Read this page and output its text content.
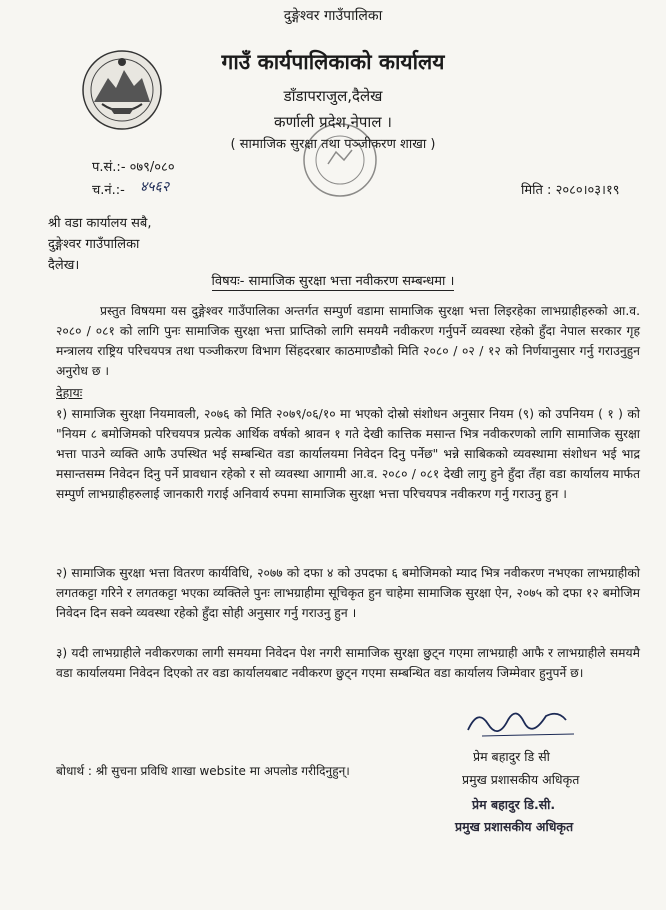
दुङ्गेश्वर गाउँपालिका
गाउँ कार्यपालिकाको कार्यालय
डाँडापराजुल,दैलेख
कर्णाली प्रदेश,नेपाल ।
( सामाजिक सुरक्षा तथा पञ्जीकरण शाखा )
प.सं.:- ०७९/०८०
च.नं.:- ४५६२	मिति : २०८०।०३।१९
श्री वडा कार्यालय सबै,
दुङ्गेश्वर गाउँपालिका
दैलेख।
विषयः- सामाजिक सुरक्षा भत्ता नवीकरण सम्बन्धमा ।
प्रस्तुत विषयमा यस दुङ्गेश्वर गाउँपालिका अन्तर्गत सम्पुर्ण वडामा सामाजिक सुरक्षा भत्ता लिइरहेका लाभग्राहीहरुको आ.व. २०८० / ०८१ को लागि पुनः सामाजिक सुरक्षा भत्ता प्राप्तिको लागि समयमै नवीकरण गर्नुपर्ने व्यवस्था रहेको हुँदा नेपाल सरकार गृह मन्त्रालय राष्ट्रिय परिचयपत्र तथा पञ्जीकरण विभाग सिंहदरबार काठमाण्डौको मिति २०८० / ०२ / १२ को निर्णयानुसार गर्नु गराउनुहुन अनुरोध छ ।
देहायः
१) सामाजिक सुरक्षा नियमावली, २०७६ को मिति २०७९/०६/१० मा भएको दोस्रो संशोधन अनुसार नियम (९) को उपनियम ( १ ) को "नियम ८ बमोजिमको परिचयपत्र प्रत्येक आर्थिक वर्षको श्रावन १ गते देखी कात्तिक मसान्त भित्र नवीकरणको लागि सामाजिक सुरक्षा भत्ता पाउने व्यक्ति आफै उपस्थित भई सम्बन्धित वडा कार्यालयमा निवेदन दिनु पर्नेछ" भन्ने साबिकको व्यवस्थामा संशोधन भई भाद्र मसान्तसम्म निवेदन दिनु पर्ने प्रावधान रहेको र सो व्यवस्था आगामी आ.व. २०८० / ०८१ देखी लागु हुने हुँदा तँहा वडा कार्यालय मार्फत सम्पुर्ण लाभग्राहीहरुलाई जानकारी गराई अनिवार्य रुपमा सामाजिक सुरक्षा भत्ता परिचयपत्र नवीकरण गर्नु गराउनु हुन ।
२) सामाजिक सुरक्षा भत्ता वितरण कार्यविधि, २०७७ को दफा ४ को उपदफा ६ बमोजिमको म्याद भित्र नवीकरण नभएका लाभग्राहीको लगतकट्टा गरिने र लगतकट्टा भएका व्यक्तिले पुनः लाभग्राहीमा सूचिकृत हुन चाहेमा सामाजिक सुरक्षा ऐन, २०७५ को दफा १२ बमोजिम निवेदन दिन सक्ने व्यवस्था रहेको हुँदा सोही अनुसार गर्नु गराउनु हुन ।
३) यदी लाभग्राहीले नवीकरणका लागी समयमा निवेदन पेश नगरी सामाजिक सुरक्षा छुट्न गएमा लाभग्राही आफै र लाभग्राहीले समयमै वडा कार्यालयमा निवेदन दिएको तर वडा कार्यालयबाट नवीकरण छुट्न गएमा सम्बन्धित वडा कार्यालय जिम्मेवार हुनुपर्ने छ।
बोधार्थ : श्री सुचना प्रविधि शाखा website मा अपलोड गरीदिनुहुन्।
प्रेम बहादुर डि सी
प्रमुख प्रशासकीय अधिकृत
प्रेम बहादुर डि.सी.
प्रमुख प्रशासकीय अधिकृत
